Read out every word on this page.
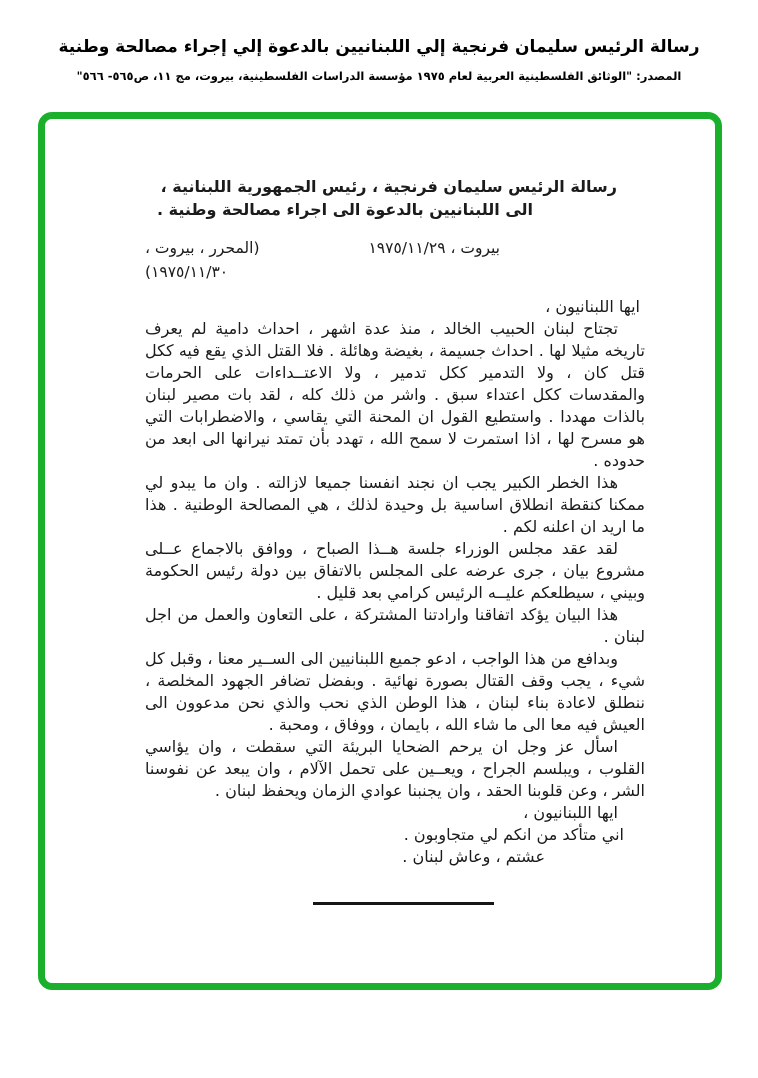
رسالة الرئيس سليمان فرنجية إلي اللبنانيين بالدعوة إلي إجراء مصالحة وطنية
المصدر: "الوثائق الفلسطينية العربية لعام ١٩٧٥ مؤسسة الدراسات الفلسطينية، بيروت، مج ١١، ص٥٦٥- ٥٦٦"
رسالة الرئيس سليمان فرنجية ، رئيس الجمهورية اللبنانية ،
الى اللبنانيين بالدعوة الى اجراء مصالحة وطنية .
بيروت ، ١٩٧٥/١١/٢٩
(المحرر ، بيروت ،
١٩٧٥/١١/٣٠)
ايها اللبنانيون ،

تجتاح لبنان الحبيب الخالد ، منذ عدة اشهر ، احداث دامية لم يعرف تاريخه مثيلا لها . احداث جسيمة ، بغيضة وهائلة . فلا القتل الذي يقع فيه ككل قتل كان ، ولا التدمير ككل تدمير ، ولا الاعتــداءات على الحرمات والمقدسات ككل اعتداء سبق . واشر من ذلك كله ، لقد بات مصير لبنان بالذات مهددا . واستطيع القول ان المحنة التي يقاسي ، والاضطرابات التي هو مسرح لها ، اذا استمرت لا سمح الله ، تهدد بأن تمتد نيرانها الى ابعد من حدوده .

هذا الخطر الكبير يجب ان نجند انفسنا جميعا لازالته . وان ما يبدو لي ممكنا كنقطة انطلاق اساسية بل وحيدة لذلك ، هي المصالحة الوطنية . هذا ما اريد ان اعلنه لكم .

لقد عقد مجلس الوزراء جلسة هــذا الصباح ، ووافق بالاجماع عــلى مشروع بيان ، جرى عرضه على المجلس بالاتفاق بين دولة رئيس الحكومة وبيني ، سيطلعكم عليــه الرئيس كرامي بعد قليل .

هذا البيان يؤكد اتفاقنا وارادتنا المشتركة ، على التعاون والعمل من اجل لبنان .

وبدافع من هذا الواجب ، ادعو جميع اللبنانيين الى الســير معنا ، وقبل كل شيء ، يجب وقف القتال بصورة نهائية . وبفضل تضافر الجهود المخلصة ، ننطلق لاعادة بناء لبنان ، هذا الوطن الذي نحب والذي نحن مدعوون الى العيش فيه معا الى ما شاء الله ، بايمان ، ووفاق ، ومحبة .

اسأل عز وجل ان يرحم الضحايا البريئة التي سقطت ، وان يؤاسي القلوب ، ويبلسم الجراح ، ويعــين على تحمل الآلام ، وان يبعد عن نفوسنا الشر ، وعن قلوبنا الحقد ، وان يجنبنا عوادي الزمان ويحفظ لبنان .

ايها اللبنانيون ،
اني متأكد من انكم لي متجاوبون .
عشتم ، وعاش لبنان .
